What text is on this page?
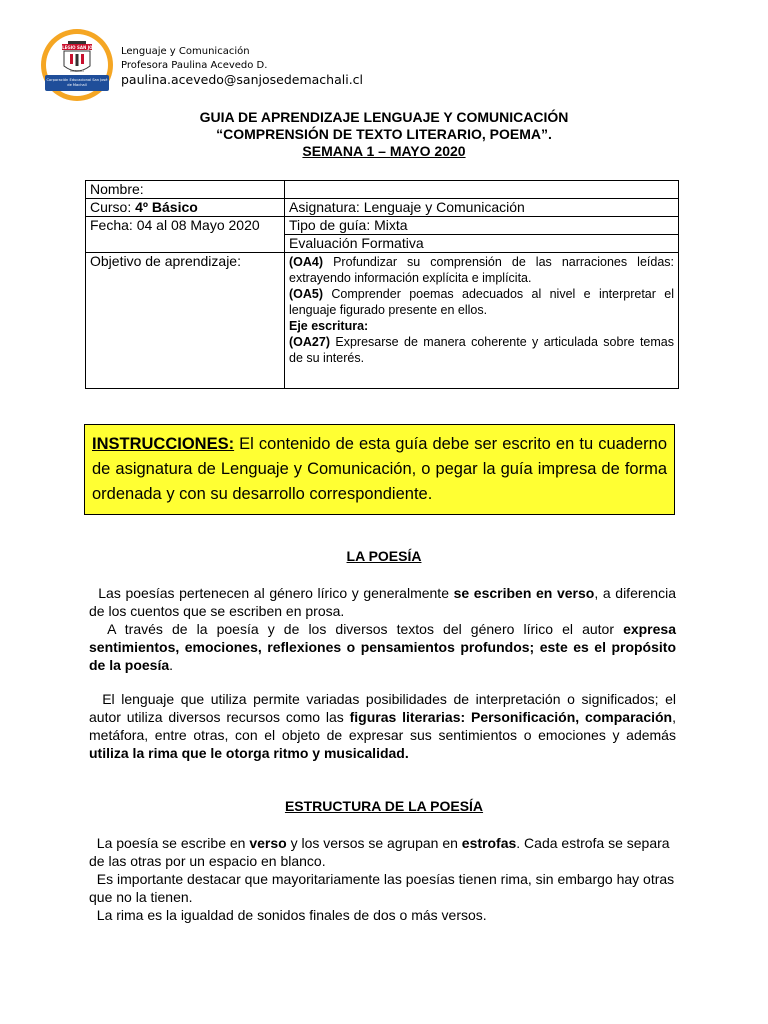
COLEGIO SAN JOSÉ
MACHALÍ
Corporación Educacional San José de Machalí
Lenguaje y Comunicación
Profesora Paulina Acevedo D.
paulina.acevedo@sanjosedemachali.cl
GUIA DE APRENDIZAJE LENGUAJE Y COMUNICACIÓN
“COMPRENSIÓN DE TEXTO LITERARIO, POEMA”.
SEMANA 1 – MAYO 2020
Nombre:	
Curso: 4º Básico	Asignatura: Lenguaje y Comunicación
Fecha: 04 al 08 Mayo 2020	Tipo de guía: Mixta
	Evaluación Formativa
Objetivo de aprendizaje:	(OA4) Profundizar su comprensión de las narraciones leídas: extrayendo información explícita e implícita.

(OA5) Comprender poemas adecuados al nivel e interpretar el lenguaje figurado presente en ellos.

Eje escritura:

(OA27) Expresarse de manera coherente y articulada sobre temas de su interés.

INSTRUCCIONES: El contenido de esta guía debe ser escrito en tu cuaderno de asignatura de Lenguaje y Comunicación, o pegar la guía impresa de forma ordenada y con su desarrollo correspondiente.
LA POESÍA

Las poesías pertenecen al género lírico y generalmente se escriben en verso, a diferencia de los cuentos que se escriben en prosa.

A través de la poesía y de los diversos textos del género lírico el autor expresa sentimientos, emociones, reflexiones o pensamientos profundos; este es el propósito de la poesía.

El lenguaje que utiliza permite variadas posibilidades de interpretación o significados; el autor utiliza diversos recursos como las figuras literarias: Personificación, comparación, metáfora, entre otras, con el objeto de expresar sus sentimientos o emociones y además utiliza la rima que le otorga ritmo y musicalidad.

ESTRUCTURA DE LA POESÍA

La poesía se escribe en verso y los versos se agrupan en estrofas. Cada estrofa se separa de las otras por un espacio en blanco.

Es importante destacar que mayoritariamente las poesías tienen rima, sin embargo hay otras que no la tienen.

La rima es la igualdad de sonidos finales de dos o más versos.
